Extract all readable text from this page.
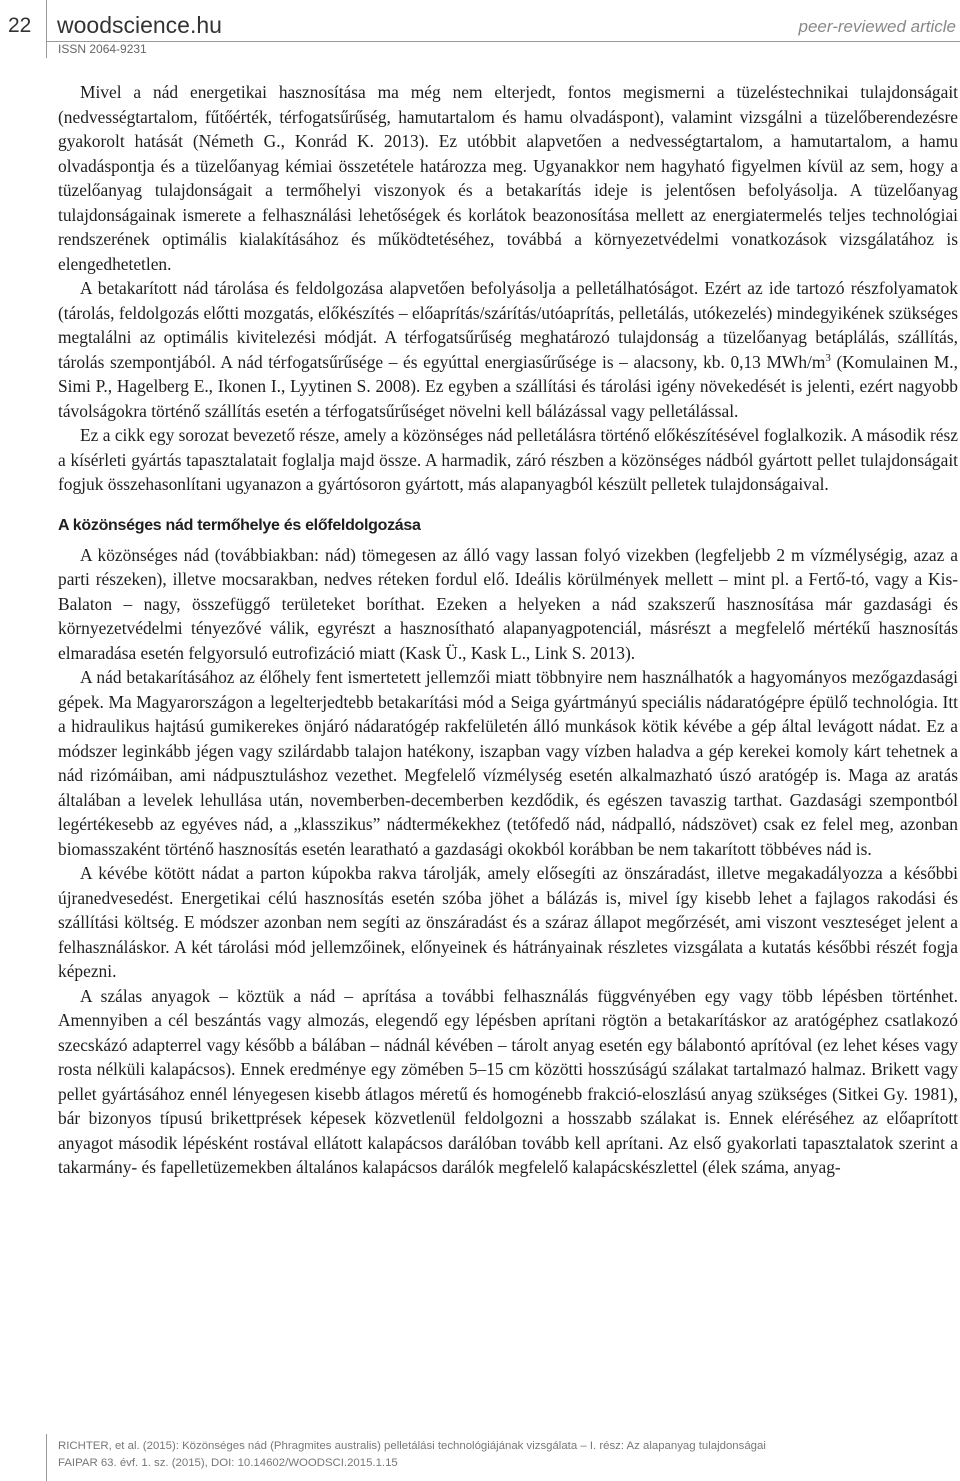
22 woodscience.hu
ISSN 2064-9231
peer-reviewed article

Mivel a nád energetikai hasznosítása ma még nem elterjedt, fontos megismerni a tüzeléstechnikai tulajdonságait (nedvességtartalom, fűtőérték, térfogatsűrűség, hamutartalom és hamu olvadáspont), valamint vizsgálni a tüzelőberendezésre gyakorolt hatását (Németh G., Konrád K. 2013). Ez utóbbit alapvetően a nedvességtartalom, a hamutartalom, a hamu olvadáspontja és a tüzelőanyag kémiai összetétele határozza meg. Ugyanakkor nem hagyható figyelmen kívül az sem, hogy a tüzelőanyag tulajdonságait a termőhelyi viszonyok és a betakarítás ideje is jelentősen befolyásolja. A tüzelőanyag tulajdonságainak ismerete a felhasználási lehetőségek és korlátok beazonosítása mellett az energiatermelés teljes technológiai rendszerének optimális kialakításához és működtetéséhez, továbbá a környezetvédelmi vonatkozások vizsgálatához is elengedhetetlen.

A betakarított nád tárolása és feldolgozása alapvetően befolyásolja a pelletálhatóságot. Ezért az ide tartozó részfolyamatok (tárolás, feldolgozás előtti mozgatás, előkészítés – előaprítás/szárítás/utóaprítás, pelletálás, utókezelés) mindegyikének szükséges megtalálni az optimális kivitelezési módját. A térfogatsűrűség meghatározó tulajdonság a tüzelőanyag betáplálás, szállítás, tárolás szempontjából. A nád térfogatsűrűsége – és egyúttal energiasűrűsége is – alacsony, kb. 0,13 MWh/$m^3$ (Komulainen M., Simi P., Hagelberg E., Ikonen I., Lyytinen S. 2008). Ez egyben a szállítási és tárolási igény növekedését is jelenti, ezért nagyobb távolságokra történő szállítás esetén a térfogatsűrűséget növelni kell bálázással vagy pelletálással.

Ez a cikk egy sorozat bevezető része, amely a közönséges nád pelletálásra történő előkészítésével foglalkozik. A második rész a kísérleti gyártás tapasztalatait foglalja majd össze. A harmadik, záró részben a közönséges nádból gyártott pellet tulajdonságait fogjuk összehasonlítani ugyanazon a gyártósoron gyártott, más alapanyagból készült pelletek tulajdonságaival.

A közönséges nád termőhelye és előfeldolgozása

A közönséges nád (továbbiakban: nád) tömegesen az álló vagy lassan folyó vizekben (legfeljebb 2 m vízmélységig, azaz a parti részeken), illetve mocsarakban, nedves réteken fordul elő. Ideális körülmények mellett – mint pl. a Fertő-tó, vagy a Kis-Balaton – nagy, összefüggő területeket boríthat. Ezeken a helyeken a nád szakszerű hasznosítása már gazdasági és környezetvédelmi tényezővé válik, egyrészt a hasznosítható alapanyagpotenciál, másrészt a megfelelő mértékű hasznosítás elmaradása esetén felgyorsuló eutrofizáció miatt (Kask Ü., Kask L., Link S. 2013).

A nád betakarításához az élőhely fent ismertetett jellemzői miatt többnyire nem használhatók a hagyományos mezőgazdasági gépek. Ma Magyarországon a legelterjedtebb betakarítási mód a Seiga gyártmányú speciális nádaratógépre épülő technológia. Itt a hidraulikus hajtású gumikerekes önjáró nádaratógép rakfelületén álló munkások kötik kévébe a gép által levágott nádat. Ez a módszer leginkább jégen vagy szilárdabb talajon hatékony, iszapban vagy vízben haladva a gép kerekei komoly kárt tehetnek a nád rizómáiban, ami nádpusztuláshoz vezethet. Megfelelő vízmélység esetén alkalmazható úszó aratógép is. Maga az aratás általában a levelek lehullása után, novemberben-decemberben kezdődik, és egészen tavaszig tarthat. Gazdasági szempontból legértékesebb az egyéves nád, a „klasszikus” nádtermékekhez (tetőfedő nád, nádpalló, nádszövet) csak ez felel meg, azonban biomasszaként történő hasznosítás esetén learatható a gazdasági okokból korábban be nem takarított többéves nád is.

A kévébe kötött nádat a parton kúpokba rakva tárolják, amely elősegíti az önszáradást, illetve megakadályozza a későbbi újranedvesedést. Energetikai célú hasznosítás esetén szóba jöhet a bálázás is, mivel így kisebb lehet a fajlagos rakodási és szállítási költség. E módszer azonban nem segíti az önszáradást és a száraz állapot megőrzését, ami viszont veszteséget jelent a felhasználáskor. A két tárolási mód jellemzőinek, előnyeinek és hátrányainak részletes vizsgálata a kutatás későbbi részét fogja képezni.

A szálas anyagok – köztük a nád – aprítása a további felhasználás függvényében egy vagy több lépésben történhet. Amennyiben a cél beszántás vagy almozás, elegendő egy lépésben aprítani rögtön a betakarításkor az aratógéphez csatlakozó szecskázó adapterrel vagy később a bálában – nádnál kévében – tárolt anyag esetén egy bálabontó aprítóval (ez lehet késes vagy rosta nélküli kalapácsos). Ennek eredménye egy zömében 5–15 cm közötti hosszúságú szálakat tartalmazó halmaz. Brikett vagy pellet gyártásához ennél lényegesen kisebb átlagos méretű és homogénebb frakció-eloszlású anyag szükséges (Sitkei Gy. 1981), bár bizonyos típusú brikettprések képesek közvetlenül feldolgozni a hosszabb szálakat is. Ennek eléréséhez az előaprított anyagot második lépésként rostával ellátott kalapácsos darálóban tovább kell aprítani. Az első gyakorlati tapasztalatok szerint a takarmány- és fapelletüzemekben általános kalapácsos darálók megfelelő kalapácskészlettel (élek száma, anyag-

RICHTER, et al. (2015): Közönséges nád (Phragmites australis) pelletálási technológiájának vizsgálata – I. rész: Az alapanyag tulajdonságai
FAIPAR 63. évf. 1. sz. (2015), DOI: 10.14602/WOODSCI.2015.1.15
